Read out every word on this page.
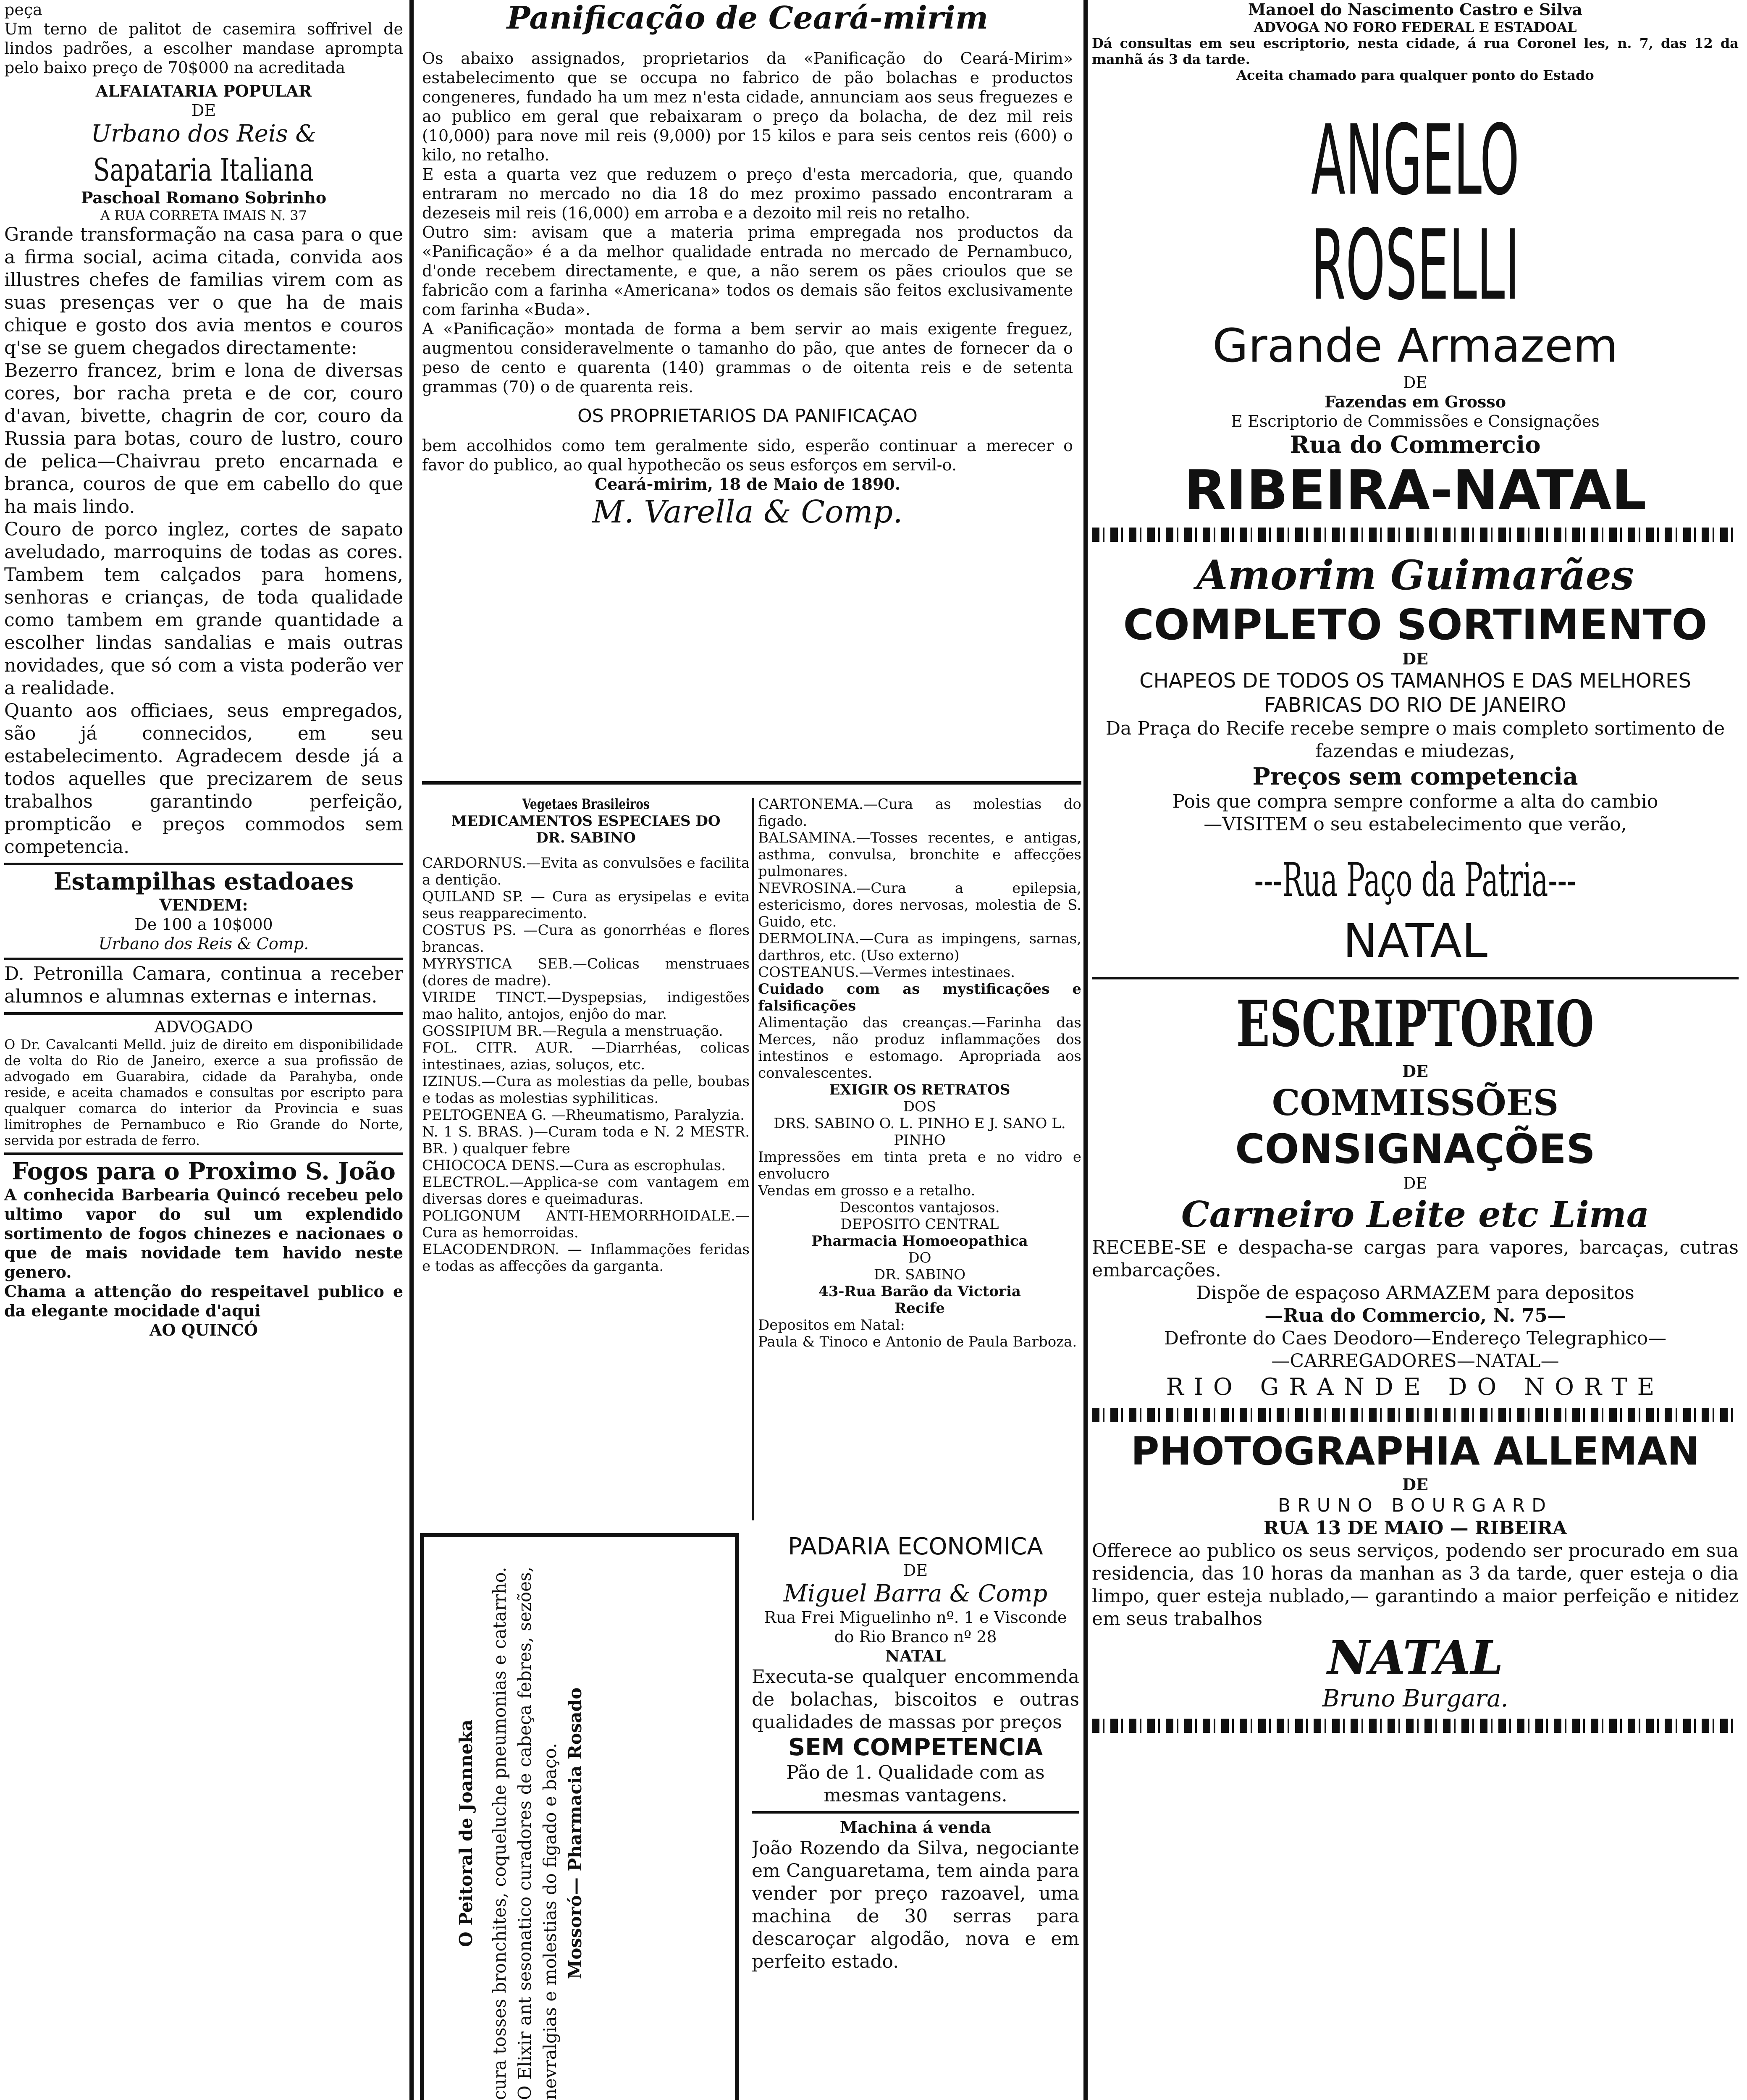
peça

Um terno de palitot de casemira soffrivel de lindos padrões, a escolher mandase aprompta pelo baixo preço de 70$000 na acreditada

ALFAIATARIA POPULAR

DE

Urbano dos Reis &

Sapataria Italiana

Paschoal Romano Sobrinho

A RUA CORRETA IMAIS N. 37

Grande transformação na casa para o que a firma social, acima citada, convida aos illustres chefes de familias virem com as suas presenças ver o que ha de mais chique e gosto dos avia mentos e couros q'se se guem chegados directamente:

Bezerro francez, brim e lona de diversas cores, bor racha preta e de cor, couro d'avan, bivette, chagrin de cor, couro da Russia para botas, couro de lustro, couro de pelica—Chaivrau preto encarnada e branca, couros de que em cabello do que ha mais lindo.

Couro de porco inglez, cortes de sapato aveludado, marroquins de todas as cores. Tambem tem calçados para homens, senhoras e crianças, de toda qualidade como tambem em grande quantidade a escolher lindas sandalias e mais outras novidades, que só com a vista poderão ver a realidade.

Quanto aos officiaes, seus empregados, são já connecidos, em seu estabelecimento. Agradecem desde já a todos aquelles que precizarem de seus trabalhos garantindo perfeição, prompticão e preços commodos sem competencia.

Estampilhas estadoaes

VENDEM:

De 100 a 10$000

Urbano dos Reis & Comp.

D. Petronilla Camara, continua a receber alumnos e alumnas externas e internas.

ADVOGADO

O Dr. Cavalcanti Melld. juiz de direito em disponibilidade de volta do Rio de Janeiro, exerce a sua profissão de advogado em Guarabira, cidade da Parahyba, onde reside, e aceita chamados e consultas por escripto para qualquer comarca do interior da Provincia e suas limitrophes de Pernambuco e Rio Grande do Norte, servida por estrada de ferro.

Fogos para o Proximo S. João

A conhecida Barbearia Quincó recebeu pelo ultimo vapor do sul um explendido sortimento de fogos chinezes e nacionaes o que de mais novidade tem havido neste genero.

Chama a attenção do respeitavel publico e da elegante mocidade d'aqui

AO QUINCÓ

Panificação de Ceará-mirim

Os abaixo assignados, proprietarios da «Panificação do Ceará-Mirim» estabelecimento que se occupa no fabrico de pão bolachas e productos congeneres, fundado ha um mez n'esta cidade, annunciam aos seus freguezes e ao publico em geral que rebaixaram o preço da bolacha, de dez mil reis (10,000) para nove mil reis (9,000) por 15 kilos e para seis centos reis (600) o kilo, no retalho.

E esta a quarta vez que reduzem o preço d'esta mercadoria, que, quando entraram no mercado no dia 18 do mez proximo passado encontraram a dezeseis mil reis (16,000) em arroba e a dezoito mil reis no retalho.

Outro sim: avisam que a materia prima empregada nos productos da «Panificação» é a da melhor qualidade entrada no mercado de Pernambuco, d'onde recebem directamente, e que, a não serem os pães crioulos que se fabricão com a farinha «Americana» todos os demais são feitos exclusivamente com farinha «Buda».

A «Panificação» montada de forma a bem servir ao mais exigente freguez, augmentou consideravelmente o tamanho do pão, que antes de fornecer da o peso de cento e quarenta (140) grammas o de oitenta reis e de setenta grammas (70) o de quarenta reis.

OS PROPRIETARIOS DA PANIFICAÇAO

bem accolhidos como tem geralmente sido, esperão continuar a merecer o favor do publico, ao qual hypothecão os seus esforços em servil-o.

Ceará-mirim, 18 de Maio de 1890.

M. Varella & Comp.

Vegetaes Brasileiros

MEDICAMENTOS ESPECIAES DO

DR. SABINO

CARDORNUS.—Evita as convulsões e facilita a dentição.

QUILAND SP. — Cura as erysipelas e evita seus reapparecimento.

COSTUS PS. —Cura as gonorrhéas e flores brancas.

MYRYSTICA SEB.—Colicas menstruaes (dores de madre).

VIRIDE TINCT.—Dyspepsias, indigestões mao halito, antojos, enjôo do mar.

GOSSIPIUM BR.—Regula a menstruação.

FOL. CITR. AUR. —Diarrhéas, colicas intestinaes, azias, soluços, etc.

IZINUS.—Cura as molestias da pelle, boubas e todas as molestias syphiliticas.

PELTOGENEA G. —Rheumatismo, Paralyzia.

N. 1 S. BRAS. )—Curam toda e N. 2 MESTR. BR. ) qualquer febre

CHIOCOCA DENS.—Cura as escrophulas.

ELECTROL.—Applica-se com vantagem em diversas dores e queimaduras.

POLIGONUM ANTI-HEMORRHOIDALE.—Cura as hemorroidas.

ELACODENDRON. — Inflammações feridas e todas as affecções da garganta.

CARTONEMA.—Cura as molestias do figado.

BALSAMINA.—Tosses recentes, e antigas, asthma, convulsa, bronchite e affecções pulmonares.

NEVROSINA.—Cura a epilepsia, estericismo, dores nervosas, molestia de S. Guido, etc.

DERMOLINA.—Cura as impingens, sarnas, darthros, etc. (Uso externo)

COSTEANUS.—Vermes intestinaes.

Cuidado com as mystificações e falsificações

Alimentação das creanças.—Farinha das Merces, não produz inflammações dos intestinos e estomago. Apropriada aos convalescentes.

EXIGIR OS RETRATOS

DOS

DRS. SABINO O. L. PINHO E J. SANO L. PINHO

Impressões em tinta preta e no vidro e envolucro

Vendas em grosso e a retalho.

Descontos vantajosos.

DEPOSITO CENTRAL

Pharmacia Homoeopathica

DO

DR. SABINO

43-Rua Barão da Victoria

Recife

Depositos em Natal:

Paula & Tinoco e Antonio de Paula Barboza.

O Peitoral de Joanneka cura tosses bronchites, coqueluche pneumonias e catarrho. O Elixir ant sesonatico curadores de cabeça febres, sezões, nevralgias e molestias do figado e baço. Mossoró— Pharmacia Rosado

PADARIA ECONOMICA

DE

Miguel Barra & Comp

Rua Frei Miguelinho nº. 1 e Visconde do Rio Branco nº 28

NATAL

Executa-se qualquer encommenda de bolachas, biscoitos e outras qualidades de massas por preços

SEM COMPETENCIA

Pão de 1. Qualidade com as mesmas vantagens.

Machina á venda

João Rozendo da Silva, negociante em Canguaretama, tem ainda para vender por preço razoavel, uma machina de 30 serras para descaroçar algodão, nova e em perfeito estado.

Manoel do Nascimento Castro e Silva

ADVOGA NO FORO FEDERAL E ESTADOAL

Dá consultas em seu escriptorio, nesta cidade, á rua Coronel les, n. 7, das 12 da manhã ás 3 da tarde.

Aceita chamado para qualquer ponto do Estado

ANGELO ROSELLI

Grande Armazem

DE

Fazendas em Grosso

E Escriptorio de Commissões e Consignações

Rua do Commercio

RIBEIRA-NATAL

Amorim Guimarães

COMPLETO SORTIMENTO

DE

CHAPEOS DE TODOS OS TAMANHOS E DAS MELHORES FABRICAS DO RIO DE JANEIRO

Da Praça do Recife recebe sempre o mais completo sortimento de fazendas e miudezas,

Preços sem competencia

Pois que compra sempre conforme a alta do cambio

—VISITEM o seu estabelecimento que verão,

---Rua Paço da Patria---

NATAL

ESCRIPTORIO

DE

COMMISSÕES

CONSIGNAÇÕES

DE

Carneiro Leite etc Lima

RECEBE-SE e despacha-se cargas para vapores, barcaças, cutras embarcações.

Dispõe de espaçoso ARMAZEM para depositos

—Rua do Commercio, N. 75—

Defronte do Caes Deodoro—Endereço Telegraphico—

—CARREGADORES—NATAL—

RIO GRANDE DO NORTE

PHOTOGRAPHIA ALLEMAN

DE

BRUNO BOURGARD

RUA 13 DE MAIO — RIBEIRA

Offerece ao publico os seus serviços, podendo ser procurado em sua residencia, das 10 horas da manhan as 3 da tarde, quer esteja o dia limpo, quer esteja nublado,— garantindo a maior perfeição e nitidez em seus trabalhos

NATAL

Bruno Burgara.
